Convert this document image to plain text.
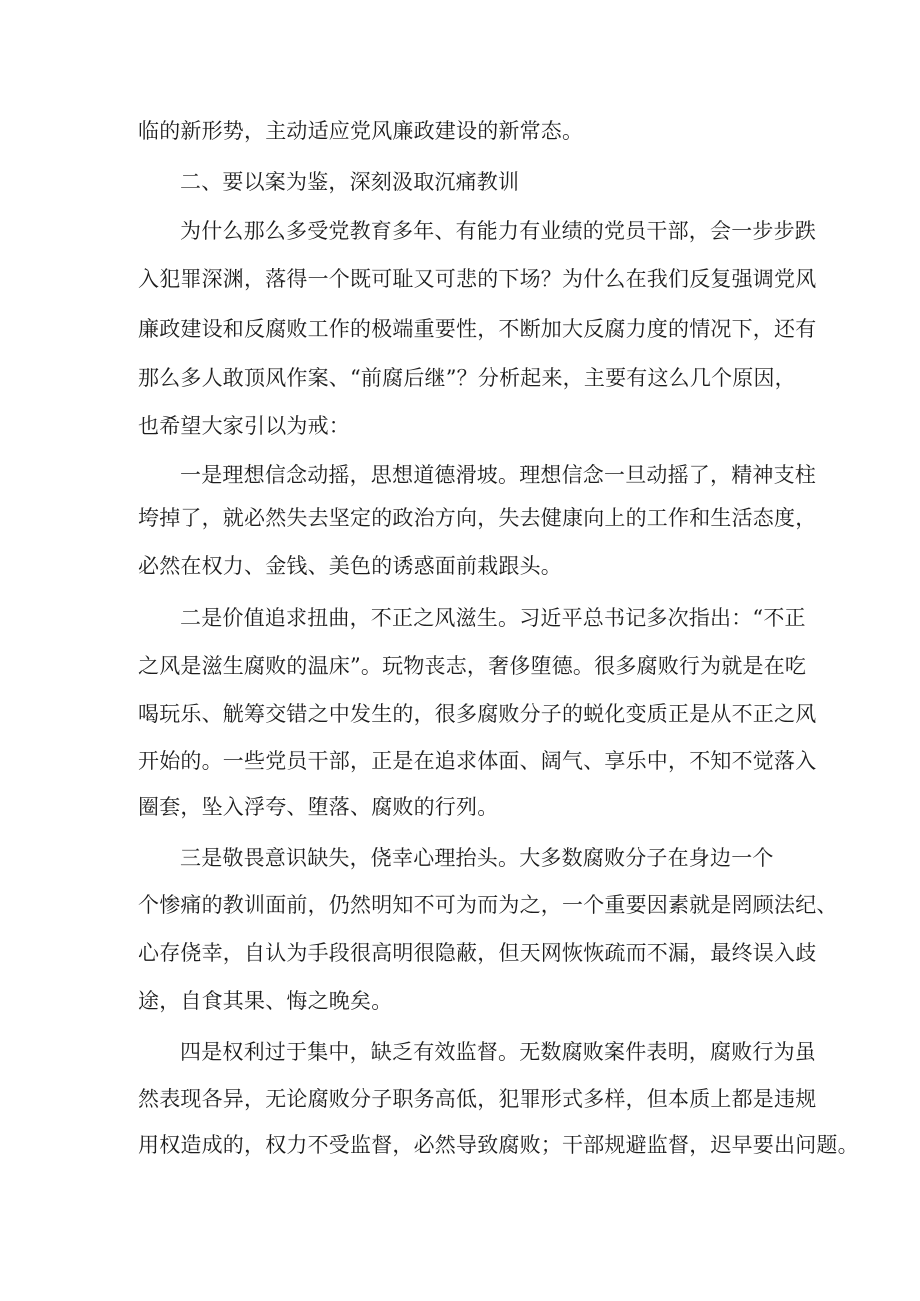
临的新形势，主动适应党风廉政建设的新常态。
二、要以案为鉴，深刻汲取沉痛教训
为什么那么多受党教育多年、有能力有业绩的党员干部，会一步步跌
入犯罪深渊，落得一个既可耻又可悲的下场？为什么在我们反复强调党风
廉政建设和反腐败工作的极端重要性，不断加大反腐力度的情况下，还有
那么多人敢顶风作案、“前腐后继”？分析起来，主要有这么几个原因，
也希望大家引以为戒：
一是理想信念动摇，思想道德滑坡。理想信念一旦动摇了，精神支柱
垮掉了，就必然失去坚定的政治方向，失去健康向上的工作和生活态度，
必然在权力、金钱、美色的诱惑面前栽跟头。
二是价值追求扭曲，不正之风滋生。习近平总书记多次指出：“不正
之风是滋生腐败的温床”。玩物丧志，奢侈堕德。很多腐败行为就是在吃
喝玩乐、觥筹交错之中发生的，很多腐败分子的蜕化变质正是从不正之风
开始的。一些党员干部，正是在追求体面、阔气、享乐中，不知不觉落入
圈套，坠入浮夸、堕落、腐败的行列。
三是敬畏意识缺失，侥幸心理抬头。大多数腐败分子在身边一个
个惨痛的教训面前，仍然明知不可为而为之，一个重要因素就是罔顾法纪、
心存侥幸，自认为手段很高明很隐蔽，但天网恢恢疏而不漏，最终误入歧
途，自食其果、悔之晚矣。
四是权利过于集中，缺乏有效监督。无数腐败案件表明，腐败行为虽
然表现各异，无论腐败分子职务高低，犯罪形式多样，但本质上都是违规
用权造成的，权力不受监督，必然导致腐败；干部规避监督，迟早要出问题。
